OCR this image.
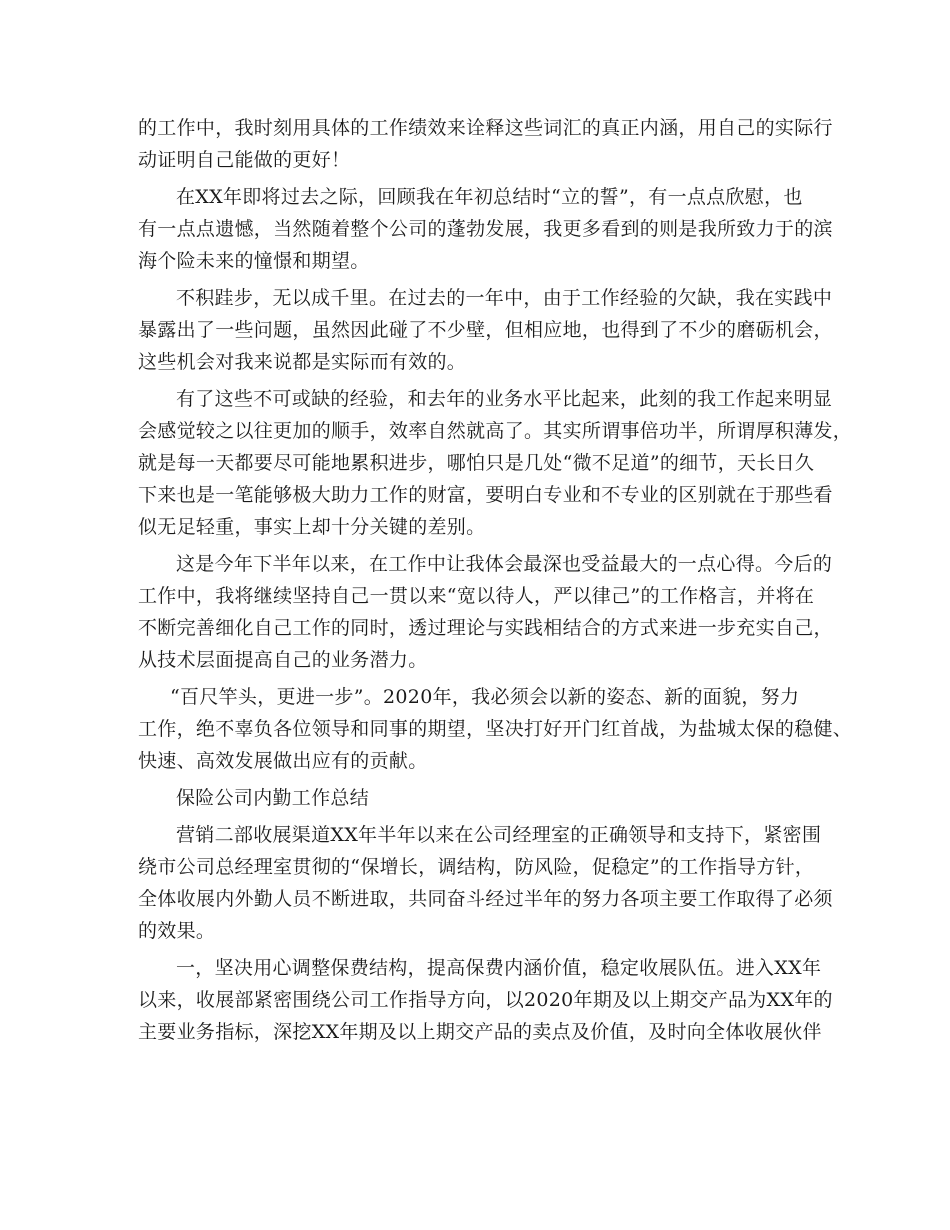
的工作中，我时刻用具体的工作绩效来诠释这些词汇的真正内涵，用自己的实际行
动证明自己能做的更好！
在XX年即将过去之际，回顾我在年初总结时“立的誓”，有一点点欣慰，也
有一点点遗憾，当然随着整个公司的蓬勃发展，我更多看到的则是我所致力于的滨
海个险未来的憧憬和期望。
不积跬步，无以成千里。在过去的一年中，由于工作经验的欠缺，我在实践中
暴露出了一些问题，虽然因此碰了不少壁，但相应地，也得到了不少的磨砺机会，
这些机会对我来说都是实际而有效的。
有了这些不可或缺的经验，和去年的业务水平比起来，此刻的我工作起来明显
会感觉较之以往更加的顺手，效率自然就高了。其实所谓事倍功半，所谓厚积薄发，
就是每一天都要尽可能地累积进步，哪怕只是几处“微不足道”的细节，天长日久
下来也是一笔能够极大助力工作的财富，要明白专业和不专业的区别就在于那些看
似无足轻重，事实上却十分关键的差别。
这是今年下半年以来，在工作中让我体会最深也受益最大的一点心得。今后的
工作中，我将继续坚持自己一贯以来“宽以待人，严以律己”的工作格言，并将在
不断完善细化自己工作的同时，透过理论与实践相结合的方式来进一步充实自己，
从技术层面提高自己的业务潜力。
“百尺竿头，更进一步”。2020年，我必须会以新的姿态、新的面貌，努力
工作，绝不辜负各位领导和同事的期望，坚决打好开门红首战，为盐城太保的稳健、
快速、高效发展做出应有的贡献。
保险公司内勤工作总结
营销二部收展渠道XX年半年以来在公司经理室的正确领导和支持下，紧密围
绕市公司总经理室贯彻的“保增长，调结构，防风险，促稳定”的工作指导方针，
全体收展内外勤人员不断进取，共同奋斗经过半年的努力各项主要工作取得了必须
的效果。
一，坚决用心调整保费结构，提高保费内涵价值，稳定收展队伍。进入XX年
以来，收展部紧密围绕公司工作指导方向，以2020年期及以上期交产品为XX年的
主要业务指标，深挖XX年期及以上期交产品的卖点及价值，及时向全体收展伙伴
